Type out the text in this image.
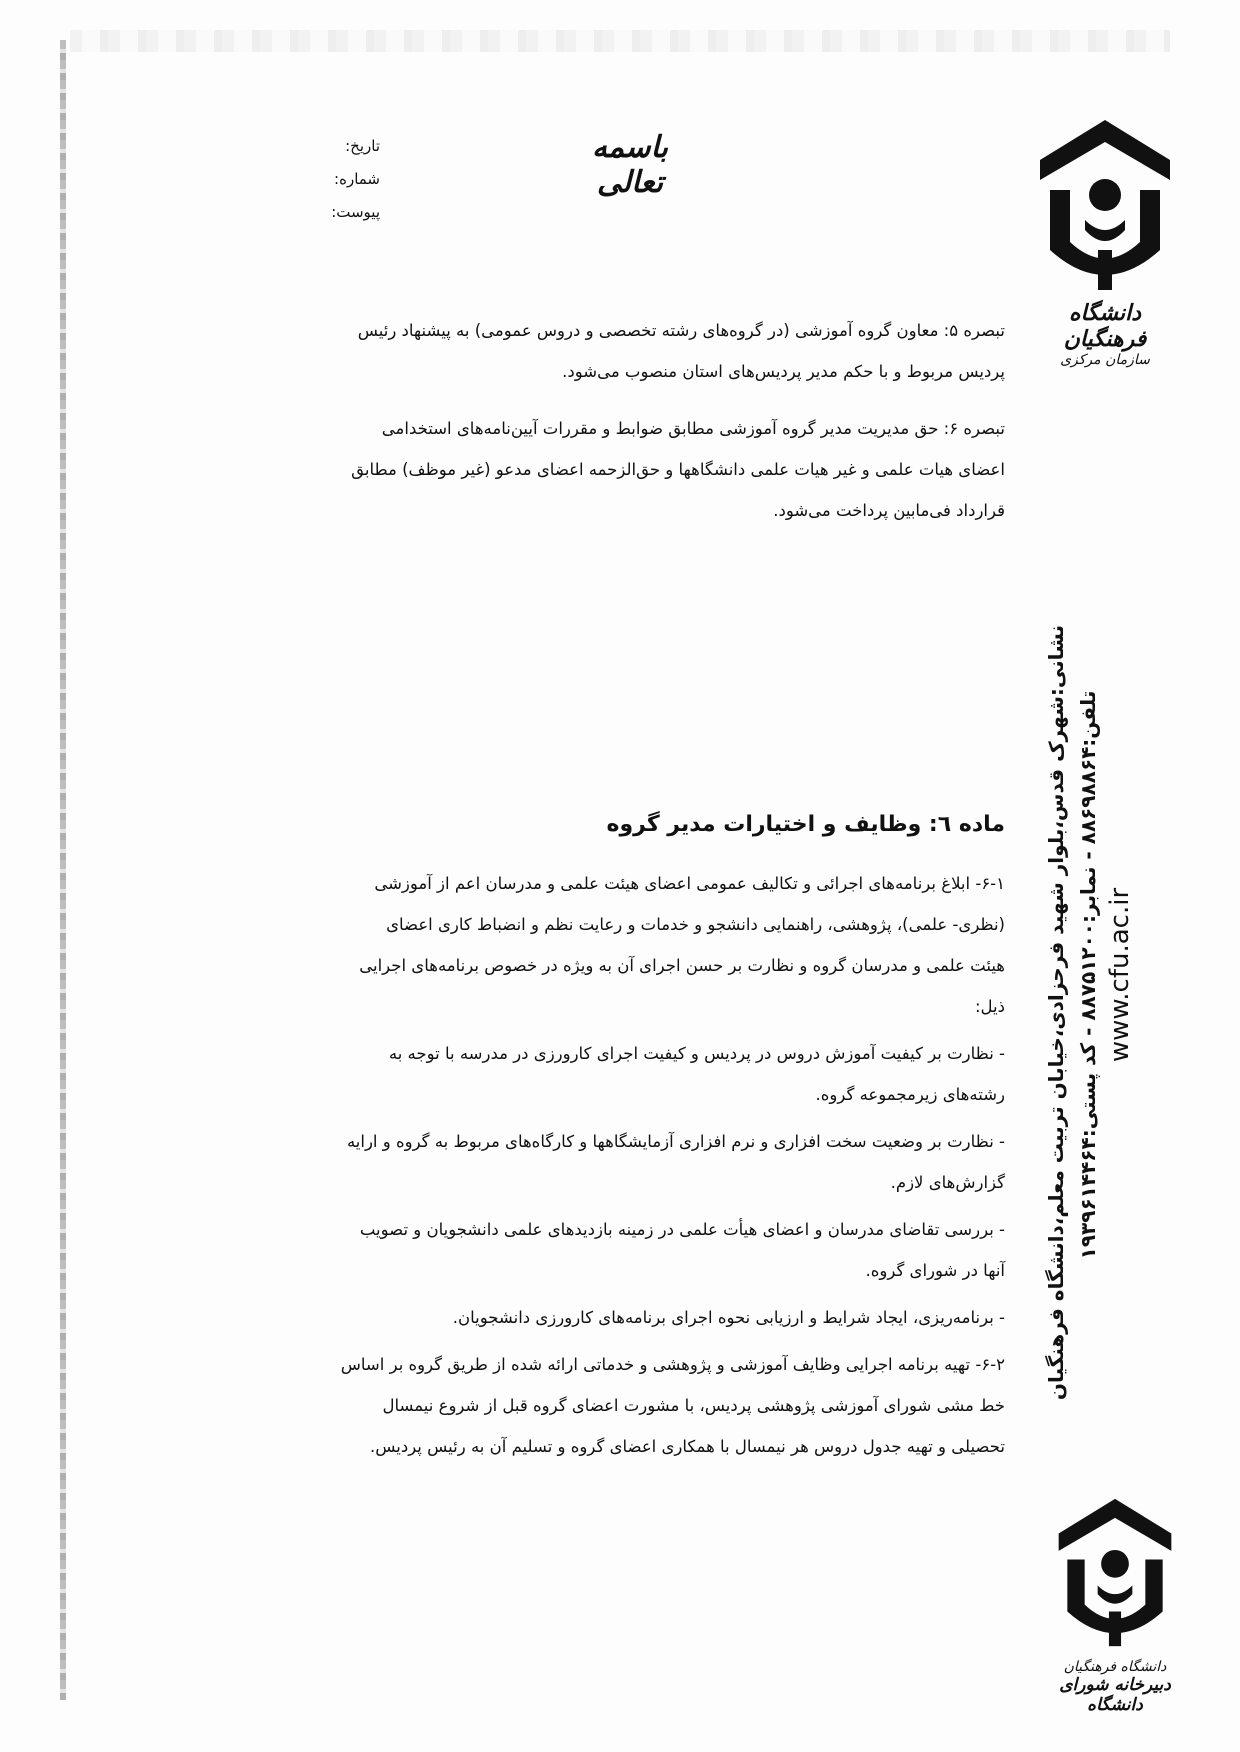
باسمه تعالی
تاریخ:
شماره:
پیوست:
دانشگاه فرهنگیان
سازمان مرکزی
نشانی:شهرک قدس،بلوار شهید فرحزادی،خیابان تربیت معلم،دانشگاه فرهنگیان تلفن:۸۸۶۹۸۸۶۴ - نمابر:۸۸۷۵۱۲۰۰ - کد پستی:۱۹۳۹۶۱۴۴۶۴
www.cfu.ac.ir
دانشگاه فرهنگیان
دبیرخانه شورای دانشگاه
تبصره ۵: معاون گروه آموزشی (در گروه‌های رشته تخصصی و دروس عمومی) به پیشنهاد رئیس
پردیس مربوط و با حکم مدیر پردیس‌های استان منصوب می‌شود.
تبصره ۶: حق مدیریت مدیر گروه آموزشی مطابق ضوابط و مقررات آیین‌نامه‌های استخدامی
اعضای هیات علمی و غیر هیات علمی دانشگاهها و حق‌الزحمه اعضای مدعو (غیر موظف) مطابق
قرارداد فی‌مابین پرداخت می‌شود.
ماده ٦: وظایف و اختیارات مدیر گروه
۶-۱- ابلاغ برنامه‌های اجرائی و تکالیف عمومی اعضای هیئت علمی و مدرسان اعم از آموزشی
(نظری- علمی)، پژوهشی، راهنمایی دانشجو و خدمات و رعایت نظم و انضباط کاری اعضای
هیئت علمی و مدرسان گروه و نظارت بر حسن اجرای آن به ویژه در خصوص برنامه‌های اجرایی
ذیل:
- نظارت بر کیفیت آموزش دروس در پردیس و کیفیت اجرای کارورزی در مدرسه با توجه به
رشته‌های زیرمجموعه گروه.
- نظارت بر وضعیت سخت افزاری و نرم افزاری آزمایشگاهها و کارگاه‌های مربوط به گروه و ارایه
گزارش‌های لازم.
- بررسی تقاضای مدرسان و اعضای هیأت علمی در زمینه بازدیدهای علمی دانشجویان و تصویب
آنها در شورای گروه.
- برنامه‌ریزی، ایجاد شرایط و ارزیابی نحوه اجرای برنامه‌های کارورزی دانشجویان.
۶-۲- تهیه برنامه اجرایی وظایف آموزشی و پژوهشی و خدماتی ارائه شده از طریق گروه بر اساس
خط مشی شورای آموزشی پژوهشی پردیس، با مشورت اعضای گروه قبل از شروع نیمسال
تحصیلی و تهیه جدول دروس هر نیمسال با همکاری اعضای گروه و تسلیم آن به رئیس پردیس.
